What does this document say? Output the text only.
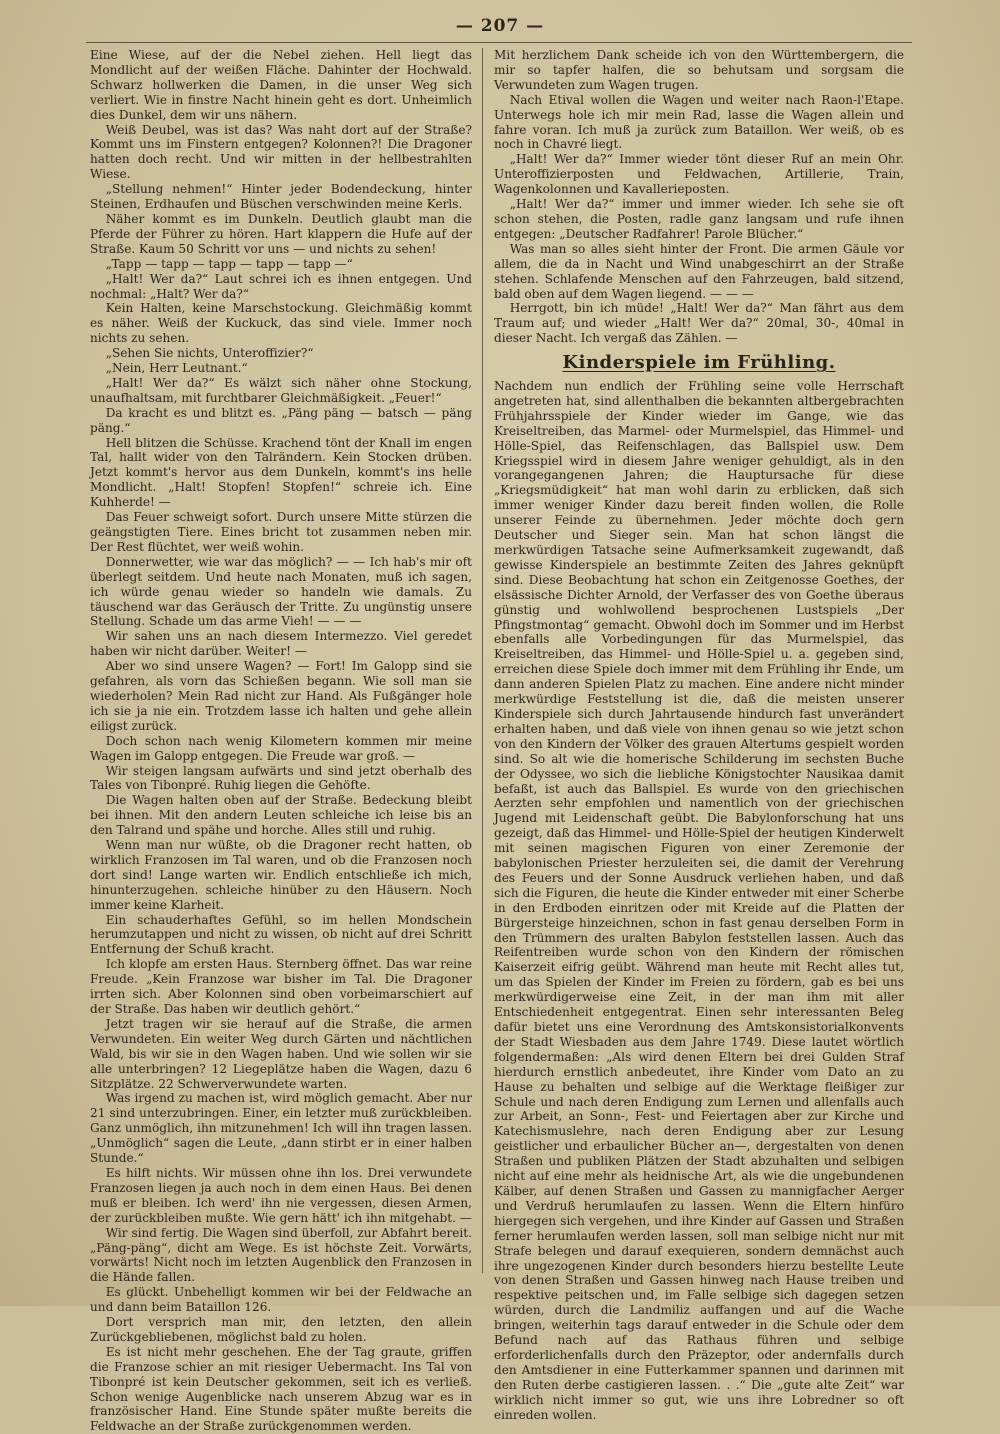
— 207 —

Eine Wiese, auf der die Nebel ziehen. Hell liegt das Mondlicht auf der weißen Fläche. Dahinter der Hochwald. Schwarz hollwerken die Damen, in die unser Weg sich verliert. Wie in finstre Nacht hinein geht es dort. Unheimlich dies Dunkel, dem wir uns nähern.

Weiß Deubel, was ist das? Was naht dort auf der Straße? Kommt uns im Finstern entgegen? Kolonnen?! Die Dragoner hatten doch recht. Und wir mitten in der hellbestrahlten Wiese.

„Stellung nehmen!“ Hinter jeder Bodendeckung, hinter Steinen, Erdhaufen und Büschen verschwinden meine Kerls.

Näher kommt es im Dunkeln. Deutlich glaubt man die Pferde der Führer zu hören. Hart klappern die Hufe auf der Straße. Kaum 50 Schritt vor uns — und nichts zu sehen!

„Tapp — tapp — tapp — tapp — tapp —“

„Halt! Wer da?“ Laut schrei ich es ihnen entgegen. Und nochmal: „Halt? Wer da?“

Kein Halten, keine Marschstockung. Gleichmäßig kommt es näher. Weiß der Kuckuck, das sind viele. Immer noch nichts zu sehen.

„Sehen Sie nichts, Unteroffizier?“

„Nein, Herr Leutnant.“

„Halt! Wer da?“ Es wälzt sich näher ohne Stockung, unaufhaltsam, mit furchtbarer Gleichmäßigkeit. „Feuer!“

Da kracht es und blitzt es. „Päng päng — batsch — päng päng.“

Hell blitzen die Schüsse. Krachend tönt der Knall im engen Tal, hallt wider von den Talrändern. Kein Stocken drüben. Jetzt kommt's hervor aus dem Dunkeln, kommt's ins helle Mondlicht. „Halt! Stopfen! Stopfen!“ schreie ich. Eine Kuhherde! —

Das Feuer schweigt sofort. Durch unsere Mitte stürzen die geängstigten Tiere. Eines bricht tot zusammen neben mir. Der Rest flüchtet, wer weiß wohin.

Donnerwetter, wie war das möglich? — — Ich hab's mir oft überlegt seitdem. Und heute nach Monaten, muß ich sagen, ich würde genau wieder so handeln wie damals. Zu täuschend war das Geräusch der Tritte. Zu ungünstig unsere Stellung. Schade um das arme Vieh! — — —

Wir sahen uns an nach diesem Intermezzo. Viel geredet haben wir nicht darüber. Weiter! —

Aber wo sind unsere Wagen? — Fort! Im Galopp sind sie gefahren, als vorn das Schießen begann. Wie soll man sie wiederholen? Mein Rad nicht zur Hand. Als Fußgänger hole ich sie ja nie ein. Trotzdem lasse ich halten und gehe allein eiligst zurück.

Doch schon nach wenig Kilometern kommen mir meine Wagen im Galopp entgegen. Die Freude war groß. —

Wir steigen langsam aufwärts und sind jetzt oberhalb des Tales von Tibonpré. Ruhig liegen die Gehöfte.

Die Wagen halten oben auf der Straße. Bedeckung bleibt bei ihnen. Mit den andern Leuten schleiche ich leise bis an den Talrand und spähe und horche. Alles still und ruhig.

Wenn man nur wüßte, ob die Dragoner recht hatten, ob wirklich Franzosen im Tal waren, und ob die Franzosen noch dort sind! Lange warten wir. Endlich entschließe ich mich, hinunterzugehen. schleiche hinüber zu den Häusern. Noch immer keine Klarheit.

Ein schauderhaftes Gefühl, so im hellen Mondschein herumzutappen und nicht zu wissen, ob nicht auf drei Schritt Entfernung der Schuß kracht.

Ich klopfe am ersten Haus. Sternberg öffnet. Das war reine Freude. „Kein Franzose war bisher im Tal. Die Dragoner irrten sich. Aber Kolonnen sind oben vorbeimarschiert auf der Straße. Das haben wir deutlich gehört.“

Jetzt tragen wir sie herauf auf die Straße, die armen Verwundeten. Ein weiter Weg durch Gärten und nächtlichen Wald, bis wir sie in den Wagen haben. Und wie sollen wir sie alle unterbringen? 12 Liegeplätze haben die Wagen, dazu 6 Sitzplätze. 22 Schwerverwundete warten.

Was irgend zu machen ist, wird möglich gemacht. Aber nur 21 sind unterzubringen. Einer, ein letzter muß zurückbleiben. Ganz unmöglich, ihn mitzunehmen! Ich will ihn tragen lassen. „Unmöglich“ sagen die Leute, „dann stirbt er in einer halben Stunde.“

Es hilft nichts. Wir müssen ohne ihn los. Drei verwundete Franzosen liegen ja auch noch in dem einen Haus. Bei denen muß er bleiben. Ich werd' ihn nie vergessen, diesen Armen, der zurückbleiben mußte. Wie gern hätt' ich ihn mitgehabt. —

Wir sind fertig. Die Wagen sind überfoll, zur Abfahrt bereit. „Päng-päng“, dicht am Wege. Es ist höchste Zeit. Vorwärts, vorwärts! Nicht noch im letzten Augenblick den Franzosen in die Hände fallen.

Es glückt. Unbehelligt kommen wir bei der Feldwache an und dann beim Bataillon 126.

Dort versprich man mir, den letzten, den allein Zurückgebliebenen, möglichst bald zu holen.

Es ist nicht mehr geschehen. Ehe der Tag graute, griffen die Franzose schier an mit riesiger Uebermacht. Ins Tal von Tibonpré ist kein Deutscher gekommen, seit ich es verließ. Schon wenige Augenblicke nach unserem Abzug war es in französischer Hand. Eine Stunde später mußte bereits die Feldwache an der Straße zurückgenommen werden.

Mit herzlichem Dank scheide ich von den Württembergern, die mir so tapfer halfen, die so behutsam und sorgsam die Verwundeten zum Wagen trugen.

Nach Etival wollen die Wagen und weiter nach Raon-l'Etape. Unterwegs hole ich mir mein Rad, lasse die Wagen allein und fahre voran. Ich muß ja zurück zum Bataillon. Wer weiß, ob es noch in Chavré liegt.

„Halt! Wer da?“ Immer wieder tönt dieser Ruf an mein Ohr. Unteroffizierposten und Feldwachen, Artillerie, Train, Wagenkolonnen und Kavallerieposten.

„Halt! Wer da?“ immer und immer wieder. Ich sehe sie oft schon stehen, die Posten, radle ganz langsam und rufe ihnen entgegen: „Deutscher Radfahrer! Parole Blücher.“

Was man so alles sieht hinter der Front. Die armen Gäule vor allem, die da in Nacht und Wind unabgeschirrt an der Straße stehen. Schlafende Menschen auf den Fahrzeugen, bald sitzend, bald oben auf dem Wagen liegend. — — —

Herrgott, bin ich müde! „Halt! Wer da?“ Man fährt aus dem Traum auf; und wieder „Halt! Wer da?“ 20mal, 30-, 40mal in dieser Nacht. Ich vergaß das Zählen. —

Kinderspiele im Frühling.

Nachdem nun endlich der Frühling seine volle Herrschaft angetreten hat, sind allenthalben die bekannten altbergebrachten Frühjahrsspiele der Kinder wieder im Gange, wie das Kreiseltreiben, das Marmel- oder Murmelspiel, das Himmel- und Hölle-Spiel, das Reifenschlagen, das Ballspiel usw. Dem Kriegsspiel wird in diesem Jahre weniger gehuldigt, als in den vorangegangenen Jahren; die Hauptursache für diese „Kriegsmüdigkeit“ hat man wohl darin zu erblicken, daß sich immer weniger Kinder dazu bereit finden wollen, die Rolle unserer Feinde zu übernehmen. Jeder möchte doch gern Deutscher und Sieger sein. Man hat schon längst die merkwürdigen Tatsache seine Aufmerksamkeit zugewandt, daß gewisse Kinderspiele an bestimmte Zeiten des Jahres geknüpft sind. Diese Beobachtung hat schon ein Zeitgenosse Goethes, der elsässische Dichter Arnold, der Verfasser des von Goethe überaus günstig und wohlwollend besprochenen Lustspiels „Der Pfingstmontag“ gemacht. Obwohl doch im Sommer und im Herbst ebenfalls alle Vorbedingungen für das Murmelspiel, das Kreiseltreiben, das Himmel- und Hölle-Spiel u. a. gegeben sind, erreichen diese Spiele doch immer mit dem Frühling ihr Ende, um dann anderen Spielen Platz zu machen. Eine andere nicht minder merkwürdige Feststellung ist die, daß die meisten unserer Kinderspiele sich durch Jahrtausende hindurch fast unverändert erhalten haben, und daß viele von ihnen genau so wie jetzt schon von den Kindern der Völker des grauen Altertums gespielt worden sind. So alt wie die homerische Schilderung im sechsten Buche der Odyssee, wo sich die liebliche Königstochter Nausikaa damit befaßt, ist auch das Ballspiel. Es wurde von den griechischen Aerzten sehr empfohlen und namentlich von der griechischen Jugend mit Leidenschaft geübt. Die Babylonforschung hat uns gezeigt, daß das Himmel- und Hölle-Spiel der heutigen Kinderwelt mit seinen magischen Figuren von einer Zeremonie der babylonischen Priester herzuleiten sei, die damit der Verehrung des Feuers und der Sonne Ausdruck verliehen haben, und daß sich die Figuren, die heute die Kinder entweder mit einer Scherbe in den Erdboden einritzen oder mit Kreide auf die Platten der Bürgersteige hinzeichnen, schon in fast genau derselben Form in den Trümmern des uralten Babylon feststellen lassen. Auch das Reifentreiben wurde schon von den Kindern der römischen Kaiserzeit eifrig geübt. Während man heute mit Recht alles tut, um das Spielen der Kinder im Freien zu fördern, gab es bei uns merkwürdigerweise eine Zeit, in der man ihm mit aller Entschiedenheit entgegentrat. Einen sehr interessanten Beleg dafür bietet uns eine Verordnung des Amtskonsistorialkonvents der Stadt Wiesbaden aus dem Jahre 1749. Diese lautet wörtlich folgendermaßen: „Als wird denen Eltern bei drei Gulden Straf hierdurch ernstlich anbedeutet, ihre Kinder vom Dato an zu Hause zu behalten und selbige auf die Werktage fleißiger zur Schule und nach deren Endigung zum Lernen und allenfalls auch zur Arbeit, an Sonn-, Fest- und Feiertagen aber zur Kirche und Katechismuslehre, nach deren Endigung aber zur Lesung geistlicher und erbaulicher Bücher an—, dergestalten von denen Straßen und publiken Plätzen der Stadt abzuhalten und selbigen nicht auf eine mehr als heidnische Art, als wie die ungebundenen Kälber, auf denen Straßen und Gassen zu mannigfacher Aerger und Verdruß herumlaufen zu lassen. Wenn die Eltern hinfüro hiergegen sich vergehen, und ihre Kinder auf Gassen und Straßen ferner herumlaufen werden lassen, soll man selbige nicht nur mit Strafe belegen und darauf exequieren, sondern demnächst auch ihre ungezogenen Kinder durch besonders hierzu bestellte Leute von denen Straßen und Gassen hinweg nach Hause treiben und respektive peitschen und, im Falle selbige sich dagegen setzen würden, durch die Landmiliz auffangen und auf die Wache bringen, weiterhin tags darauf entweder in die Schule oder dem Befund nach auf das Rathaus führen und selbige erforderlichenfalls durch den Präzeptor, oder andernfalls durch den Amtsdiener in eine Futterkammer spannen und darinnen mit den Ruten derbe castigieren lassen. . .“ Die „gute alte Zeit“ war wirklich nicht immer so gut, wie uns ihre Lobredner so oft einreden wollen.
